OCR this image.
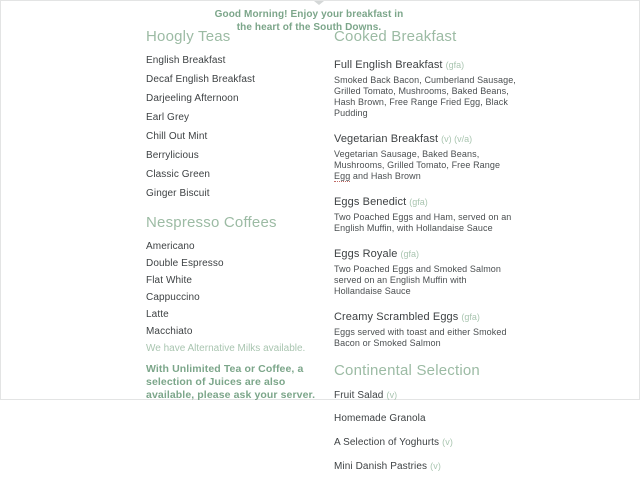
Good Morning! Enjoy your breakfast in
the heart of the South Downs.
Hoogly Teas
English Breakfast
Decaf English Breakfast
Darjeeling Afternoon
Earl Grey
Chill Out Mint
Berrylicious
Classic Green
Ginger Biscuit
Nespresso Coffees
Americano
Double Espresso
Flat White
Cappuccino
Latte
Macchiato
We have Alternative Milks available.
With Unlimited Tea or Coffee, a selection of Juices are also available, please ask your server.
Cooked Breakfast
Full English Breakfast (gfa)
Smoked Back Bacon, Cumberland Sausage, Grilled Tomato, Mushrooms, Baked Beans, Hash Brown, Free Range Fried Egg, Black Pudding
Vegetarian Breakfast (v) (v/a)
Vegetarian Sausage, Baked Beans, Mushrooms, Grilled Tomato, Free Range Egg and Hash Brown
Eggs Benedict (gfa)
Two Poached Eggs and Ham, served on an English Muffin, with Hollandaise Sauce
Eggs Royale (gfa)
Two Poached Eggs and Smoked Salmon served on an English Muffin with Hollandaise Sauce
Creamy Scrambled Eggs (gfa)
Eggs served with toast and either Smoked Bacon or Smoked Salmon
Continental Selection
Fruit Salad (v)
Homemade Granola
A Selection of Yoghurts (v)
Mini Danish Pastries (v)
